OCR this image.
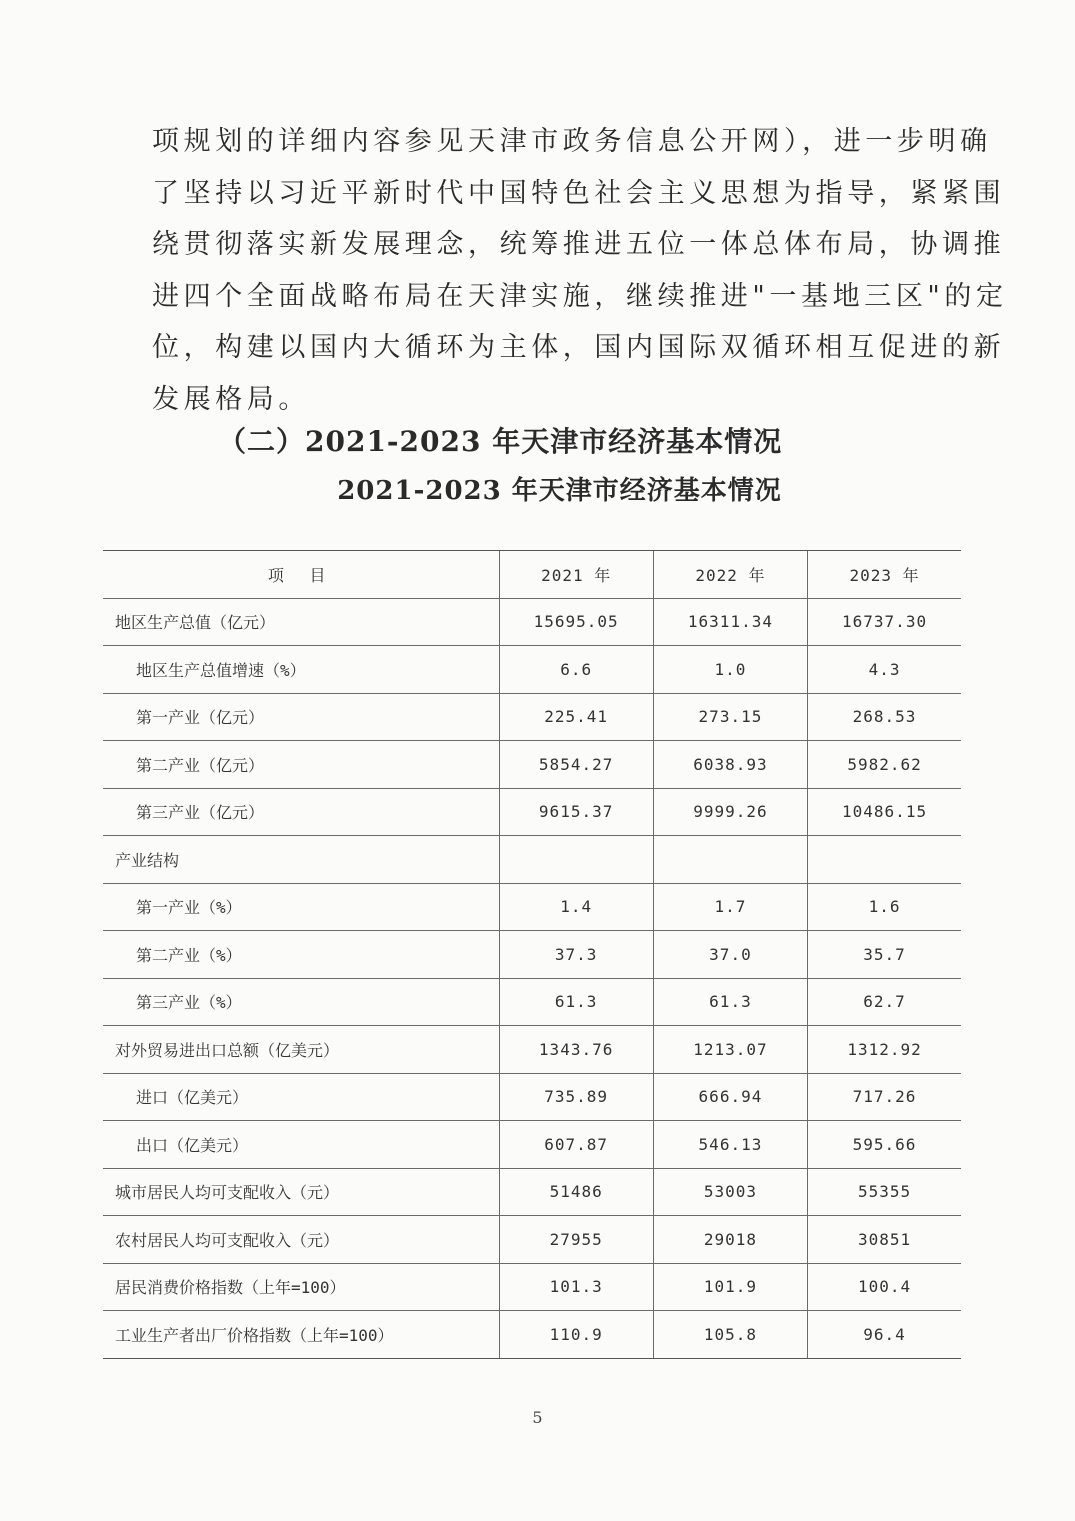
项规划的详细内容参见天津市政务信息公开网），进一步明确
了坚持以习近平新时代中国特色社会主义思想为指导，紧紧围
绕贯彻落实新发展理念，统筹推进五位一体总体布局，协调推
进四个全面战略布局在天津实施，继续推进"一基地三区"的定
位，构建以国内大循环为主体，国内国际双循环相互促进的新
发展格局。
（二）2021-2023 年天津市经济基本情况
2021-2023 年天津市经济基本情况
项 目	2021 年	2022 年	2023 年
地区生产总值（亿元）	15695.05	16311.34	16737.30
地区生产总值增速（%）	6.6	1.0	4.3
第一产业（亿元）	225.41	273.15	268.53
第二产业（亿元）	5854.27	6038.93	5982.62
第三产业（亿元）	9615.37	9999.26	10486.15
产业结构			
第一产业（%）	1.4	1.7	1.6
第二产业（%）	37.3	37.0	35.7
第三产业（%）	61.3	61.3	62.7
对外贸易进出口总额（亿美元）	1343.76	1213.07	1312.92
进口（亿美元）	735.89	666.94	717.26
出口（亿美元）	607.87	546.13	595.66
城市居民人均可支配收入（元）	51486	53003	55355
农村居民人均可支配收入（元）	27955	29018	30851
居民消费价格指数（上年=100）	101.3	101.9	100.4
工业生产者出厂价格指数（上年=100）	110.9	105.8	96.4
5
